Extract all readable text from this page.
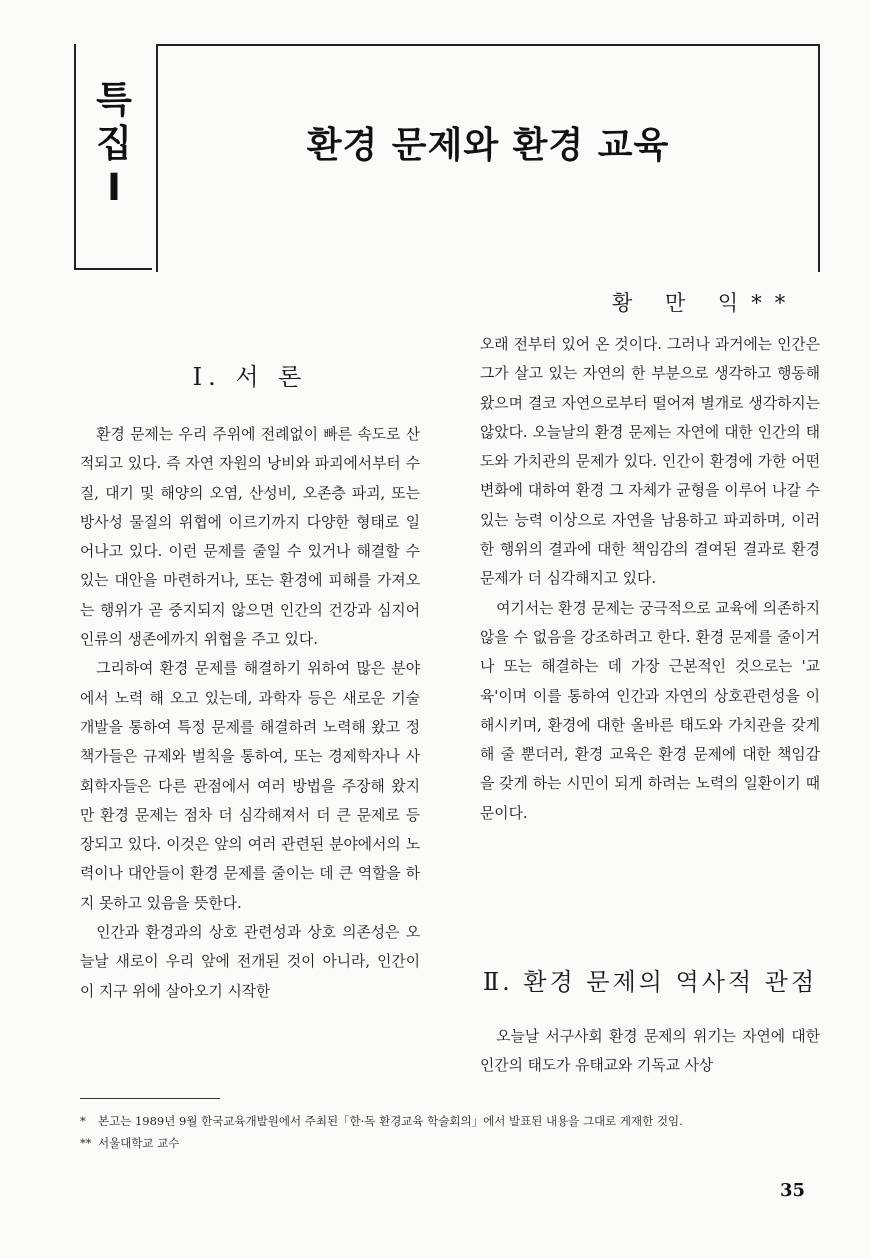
특
집
I
환경 문제와 환경 교육
황 만 익**
I. 서 론

환경 문제는 우리 주위에 전례없이 빠른 속도로 산적되고 있다. 즉 자연 자원의 낭비와 파괴에서부터 수질, 대기 및 해양의 오염, 산성비, 오존층 파괴, 또는 방사성 물질의 위협에 이르기까지 다양한 형태로 일어나고 있다. 이런 문제를 줄일 수 있거나 해결할 수 있는 대안을 마련하거나, 또는 환경에 피해를 가져오는 행위가 곧 중지되지 않으면 인간의 건강과 심지어 인류의 생존에까지 위협을 주고 있다.

그리하여 환경 문제를 해결하기 위하여 많은 분야에서 노력 해 오고 있는데, 과학자 등은 새로운 기술 개발을 통하여 특정 문제를 해결하려 노력해 왔고 정책가들은 규제와 벌칙을 통하여, 또는 경제학자나 사회학자들은 다른 관점에서 여러 방법을 주장해 왔지만 환경 문제는 점차 더 심각해져서 더 큰 문제로 등장되고 있다. 이것은 앞의 여러 관련된 분야에서의 노력이나 대안들이 환경 문제를 줄이는 데 큰 역할을 하지 못하고 있음을 뜻한다.

인간과 환경과의 상호 관련성과 상호 의존성은 오늘날 새로이 우리 앞에 전개된 것이 아니라, 인간이 이 지구 위에 살아오기 시작한

오래 전부터 있어 온 것이다. 그러나 과거에는 인간은 그가 살고 있는 자연의 한 부분으로 생각하고 행동해 왔으며 결코 자연으로부터 떨어져 별개로 생각하지는 않았다. 오늘날의 환경 문제는 자연에 대한 인간의 태도와 가치관의 문제가 있다. 인간이 환경에 가한 어떤 변화에 대하여 환경 그 자체가 균형을 이루어 나갈 수 있는 능력 이상으로 자연을 남용하고 파괴하며, 이러한 행위의 결과에 대한 책임감의 결여된 결과로 환경 문제가 더 심각해지고 있다.

여기서는 환경 문제는 궁극적으로 교육에 의존하지 않을 수 없음을 강조하려고 한다. 환경 문제를 줄이거나 또는 해결하는 데 가장 근본적인 것으로는 '교육'이며 이를 통하여 인간과 자연의 상호관련성을 이해시키며, 환경에 대한 올바른 태도와 가치관을 갖게 해 줄 뿐더러, 환경 교육은 환경 문제에 대한 책임감을 갖게 하는 시민이 되게 하려는 노력의 일환이기 때문이다.

Ⅱ. 환경 문제의 역사적 관점

오늘날 서구사회 환경 문제의 위기는 자연에 대한 인간의 태도가 유태교와 기독교 사상

* 본고는 1989년 9월 한국교육개발원에서 주최된「한·독 환경교육 학술회의」에서 발표된 내용을 그대로 게재한 것임.
** 서울대학교 교수
35
